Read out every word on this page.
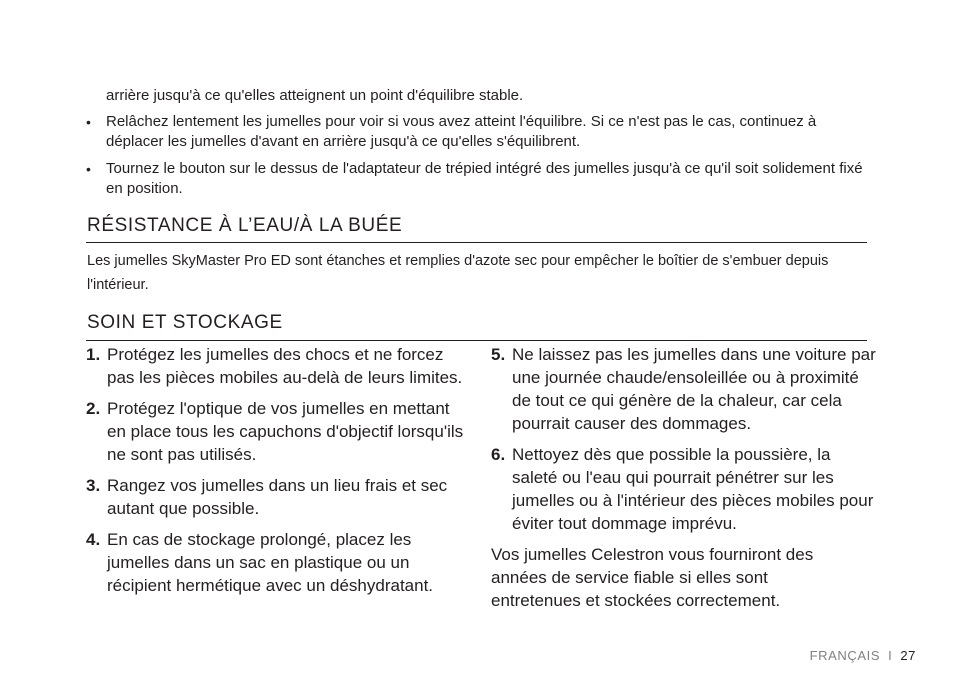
arrière jusqu'à ce qu'elles atteignent un point d'équilibre stable.
• Relâchez lentement les jumelles pour voir si vous avez atteint l'équilibre. Si ce n'est pas le cas, continuez à déplacer les jumelles d'avant en arrière jusqu'à ce qu'elles s'équilibrent.
• Tournez le bouton sur le dessus de l'adaptateur de trépied intégré des jumelles jusqu'à ce qu'il soit solidement fixé en position.
RÉSISTANCE À L’EAU/À LA BUÉE
Les jumelles SkyMaster Pro ED sont étanches et remplies d'azote sec pour empêcher le boîtier de s'embuer depuis l'intérieur.
SOIN ET STOCKAGE
1. Protégez les jumelles des chocs et ne forcez pas les pièces mobiles au-delà de leurs limites.
2. Protégez l'optique de vos jumelles en mettant en place tous les capuchons d'objectif lorsqu'ils ne sont pas utilisés.
3. Rangez vos jumelles dans un lieu frais et sec autant que possible.
4. En cas de stockage prolongé, placez les jumelles dans un sac en plastique ou un récipient hermétique avec un déshydratant.
5. Ne laissez pas les jumelles dans une voiture par une journée chaude/ensoleillée ou à proximité de tout ce qui génère de la chaleur, car cela pourrait causer des dommages.
6. Nettoyez dès que possible la poussière, la saleté ou l'eau qui pourrait pénétrer sur les jumelles ou à l'intérieur des pièces mobiles pour éviter tout dommage imprévu.
Vos jumelles Celestron vous fourniront des années de service fiable si elles sont entretenues et stockées correctement.
FRANÇAIS I 27
